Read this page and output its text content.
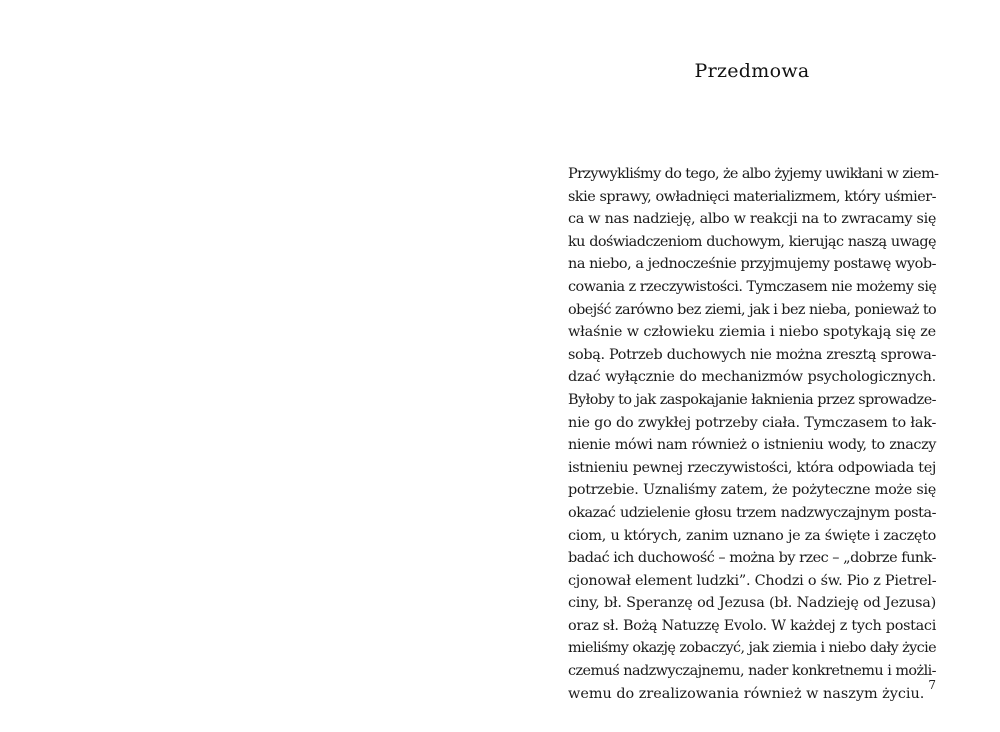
Przedmowa
Przywykliśmy do tego, że albo żyjemy uwikłani w ziem-
skie sprawy, owładnięci materializmem, który uśmier-
ca w nas nadzieję, albo w reakcji na to zwracamy się
ku doświadczeniom duchowym, kierując naszą uwagę
na niebo, a jednocześnie przyjmujemy postawę wyob-
cowania z rzeczywistości. Tymczasem nie możemy się
obejść zarówno bez ziemi, jak i bez nieba, ponieważ to
właśnie w człowieku ziemia i niebo spotykają się ze
sobą. Potrzeb duchowych nie można zresztą sprowa-
dzać wyłącznie do mechanizmów psychologicznych.
Byłoby to jak zaspokajanie łaknienia przez sprowadze-
nie go do zwykłej potrzeby ciała. Tymczasem to łak-
nienie mówi nam również o istnieniu wody, to znaczy
istnieniu pewnej rzeczywistości, która odpowiada tej
potrzebie. Uznaliśmy zatem, że pożyteczne może się
okazać udzielenie głosu trzem nadzwyczajnym posta-
ciom, u których, zanim uznano je za święte i zaczęto
badać ich duchowość – można by rzec – „dobrze funk-
cjonował element ludzki”. Chodzi o św. Pio z Pietrel-
ciny, bł. Speranzę od Jezusa (bł. Nadzieję od Jezusa)
oraz sł. Bożą Natuzzę Evolo. W każdej z tych postaci
mieliśmy okazję zobaczyć, jak ziemia i niebo dały życie
czemuś nadzwyczajnemu, nader konkretnemu i możli-
wemu do zrealizowania również w naszym życiu.
7
